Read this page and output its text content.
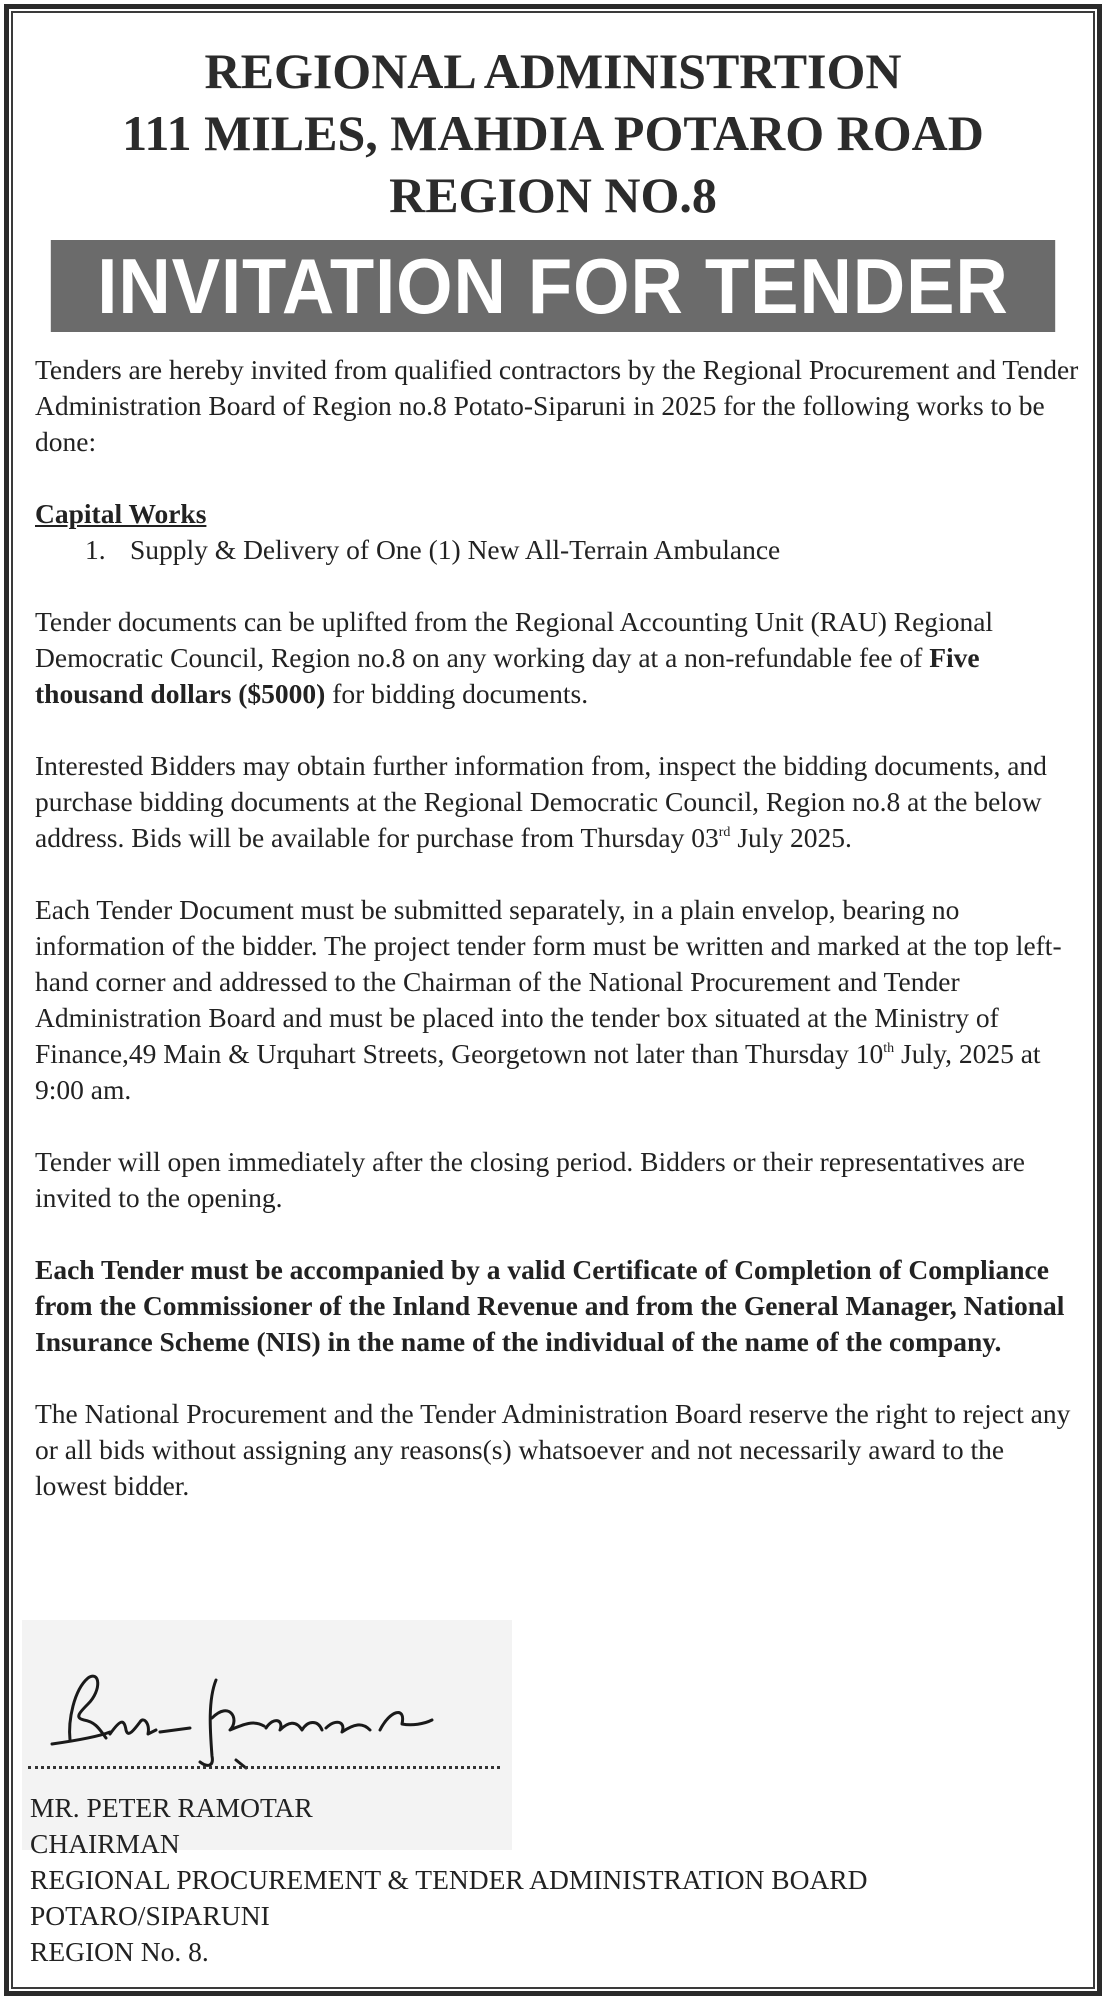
REGIONAL ADMINISTRTION
111 MILES, MAHDIA POTARO ROAD
REGION NO.8
INVITATION FOR TENDER

Tenders are hereby invited from qualified contractors by the Regional Procurement and Tender Administration Board of Region no.8 Potato-Siparuni in 2025 for the following works to be done:

Capital Works

1. Supply & Delivery of One (1) New All-Terrain Ambulance

Tender documents can be uplifted from the Regional Accounting Unit (RAU) Regional Democratic Council, Region no.8 on any working day at a non-refundable fee of Five thousand dollars ($5000) for bidding documents.

Interested Bidders may obtain further information from, inspect the bidding documents, and purchase bidding documents at the Regional Democratic Council, Region no.8 at the below address. Bids will be available for purchase from Thursday 03rd July 2025.

Each Tender Document must be submitted separately, in a plain envelop, bearing no information of the bidder. The project tender form must be written and marked at the top left-hand corner and addressed to the Chairman of the National Procurement and Tender Administration Board and must be placed into the tender box situated at the Ministry of Finance,49 Main & Urquhart Streets, Georgetown not later than Thursday 10th July, 2025 at 9:00 am.

Tender will open immediately after the closing period. Bidders or their representatives are invited to the opening.

Each Tender must be accompanied by a valid Certificate of Completion of Compliance from the Commissioner of the Inland Revenue and from the General Manager, National Insurance Scheme (NIS) in the name of the individual of the name of the company.

The National Procurement and the Tender Administration Board reserve the right to reject any or all bids without assigning any reasons(s) whatsoever and not necessarily award to the lowest bidder.

MR. PETER RAMOTAR
CHAIRMAN
REGIONAL PROCUREMENT & TENDER ADMINISTRATION BOARD
POTARO/SIPARUNI
REGION No. 8.
